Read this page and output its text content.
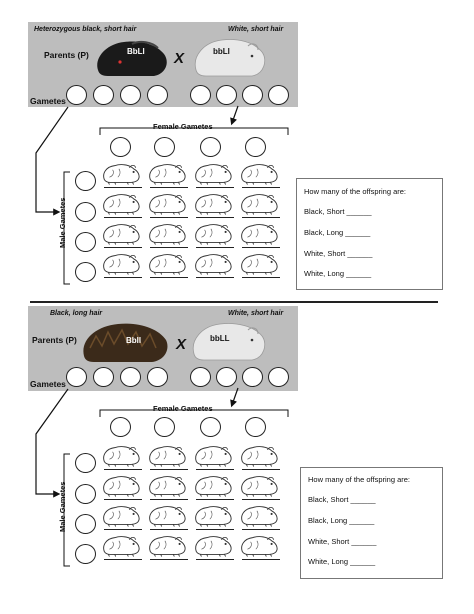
Heterozygous black, short hair	White, short hair
Parents (P)	BbLl X	bbLl
Gametes
Female Gametes
Male Gametes
How many of the offspring are:
Black, Short ______
Black, Long ______
White, Short ______
White, Long ______
Black, long hair	White, short hair
Parents (P)	Bbll X	bbLL
Gametes
Female Gametes
Male Gametes
How many of the offspring are:
Black, Short ______
Black, Long ______
White, Short ______
White, Long ______
